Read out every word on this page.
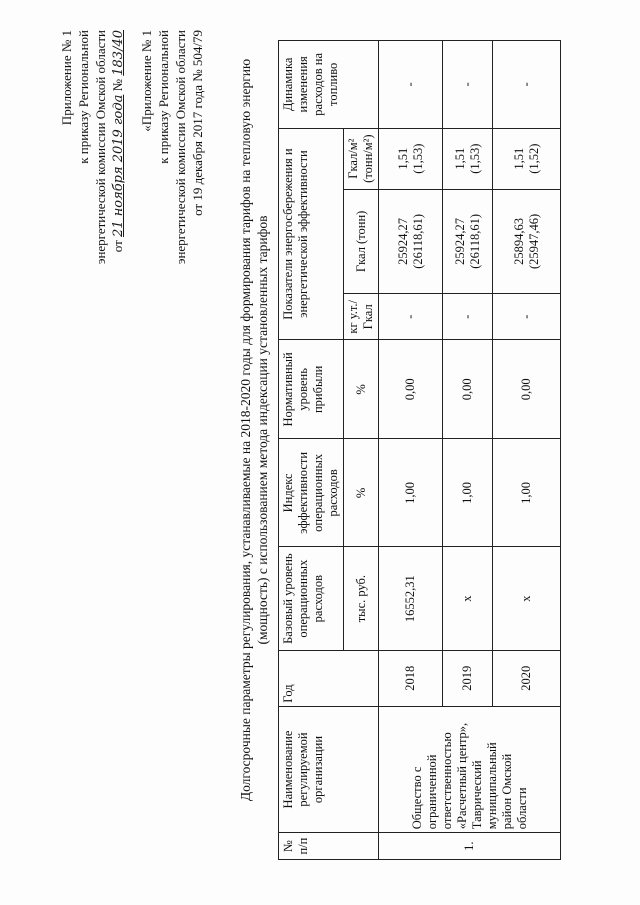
Приложение № 1 к приказу Региональной энергетической комиссии Омской области от 21 ноября 2019 года № 183/40 «Приложение № 1 к приказу Региональной энергетической комиссии Омской области от 19 декабря 2017 года № 504/79 Долгосрочные параметры регулирования, устанавливаемые на 2018-2020 годы для формирования тарифов на тепловую энергию (мощность) с использованием метода индексации установленных тарифов
№ п/п	Наименование регулируемой организации	Год	Базовый уровень операционных расходов	Индекс эффективности операционных расходов	Нормативный уровень прибыли	Показатели энергосбережения и энергетической эффективности			Динамика изменения расходов на топливо
			тыс. руб.	%	%	кг у.т./Гкал	Гкал (тонн)	Гкал/м² (тонн/м²)	
1.	Общество с ограниченной ответственностью «Расчетный центр», Таврический муниципальный район Омской области	2018	16552,31	1,00	0,00	-	25924,27 (26118,61)	1,51 (1,53)	-
		2019	x	1,00	0,00	-	25924,27 (26118,61)	1,51 (1,53)	-
		2020	x	1,00	0,00	-	25894,63 (25947,46)	1,51 (1,52)	-
